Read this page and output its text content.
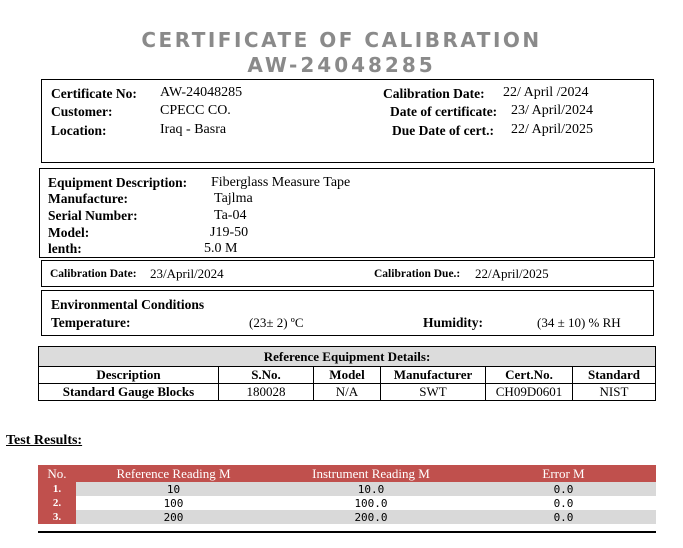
CERTIFICATE OF CALIBRATION
AW-24048285
Certificate No: AW-24048285
Customer:	CPECC CO.
Location:	Iraq - Basra
Calibration Date: 22/ April /2024
Date of certificate: 23/ April/2024
Due Date of cert.: 22/ April/2025
Equipment Description: Fiberglass Measure Tape
Manufacture:	Tajlma
Serial Number:	Ta-04
Model:	J19-50
lenth:	5.0 M
Calibration Date: 23/April/2024	Calibration Due.: 22/April/2025
Environmental Conditions
Temperature:	(23± 2) ºC	Humidity:	(34 ± 10) % RH
Reference Equipment Details:					
Description	S.No.	Model	Manufacturer	Cert.No.	Standard
Standard Gauge Blocks	180028	N/A	SWT	CH09D0601	NIST
Test Results:
No.	Reference Reading M	Instrument Reading M	Error M
1.	10	10.0	0.0
2.	100	100.0	0.0
3.	200	200.0	0.0
